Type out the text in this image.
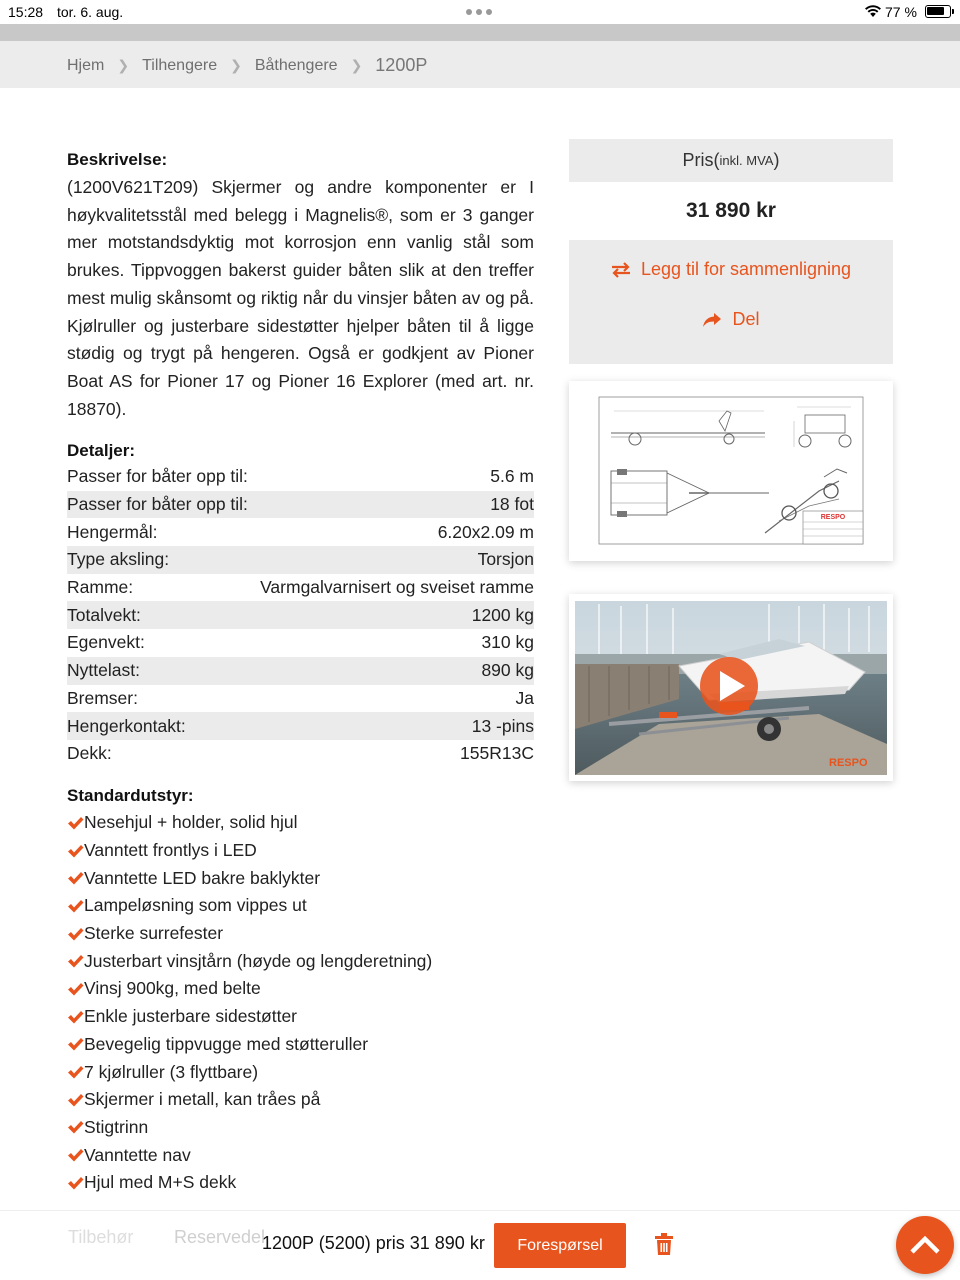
15:28 tor. 6. aug.	77 %
Hjem ❯ Tilhengere ❯ Båthengere ❯ 1200P
Beskrivelse:
(1200V621T209) Skjermer og andre komponenter er I høykvalitetsstål med belegg i Magnelis®, som er 3 ganger mer motstandsdyktig mot korrosjon enn vanlig stål som brukes. Tippvoggen bakerst guider båten slik at den treffer mest mulig skånsomt og riktig når du vinsjer båten av og på. Kjølruller og justerbare sidestøtter hjelper båten til å ligge stødig og trygt på hengeren. Også er godkjent av Pioner Boat AS for Pioner 17 og Pioner 16 Explorer (med art. nr. 18870).
Detaljer:
Passer for båter opp til:	5.6 m
Passer for båter opp til:	18 fot
Hengermål:	6.20x2.09 m
Type aksling:	Torsjon
Ramme:	Varmgalvarnisert og sveiset ramme
Totalvekt:	1200 kg
Egenvekt:	310 kg
Nyttelast:	890 kg
Bremser:	Ja
Hengerkontakt:	13 -pins
Dekk:	155R13C
Standardutstyr:
Nesehjul + holder, solid hjul
Vanntett frontlys i LED
Vanntette LED bakre baklykter
Lampeløsning som vippes ut
Sterke surrefester
Justerbart vinsjtårn (høyde og lengderetning)
Vinsj 900kg, med belte
Enkle justerbare sidestøtter
Bevegelig tippvugge med støtteruller
7 kjølruller (3 flyttbare)
Skjermer i metall, kan tråes på
Stigtrinn
Vanntette nav
Hjul med M+S dekk
Pris( inkl. MVA )
31 890 kr
Legg til for sammenligning
Del
RESPO
RESPO
Tilbehør Reservedel
1200P (5200) pris 31 890 kr	Forespørsel
